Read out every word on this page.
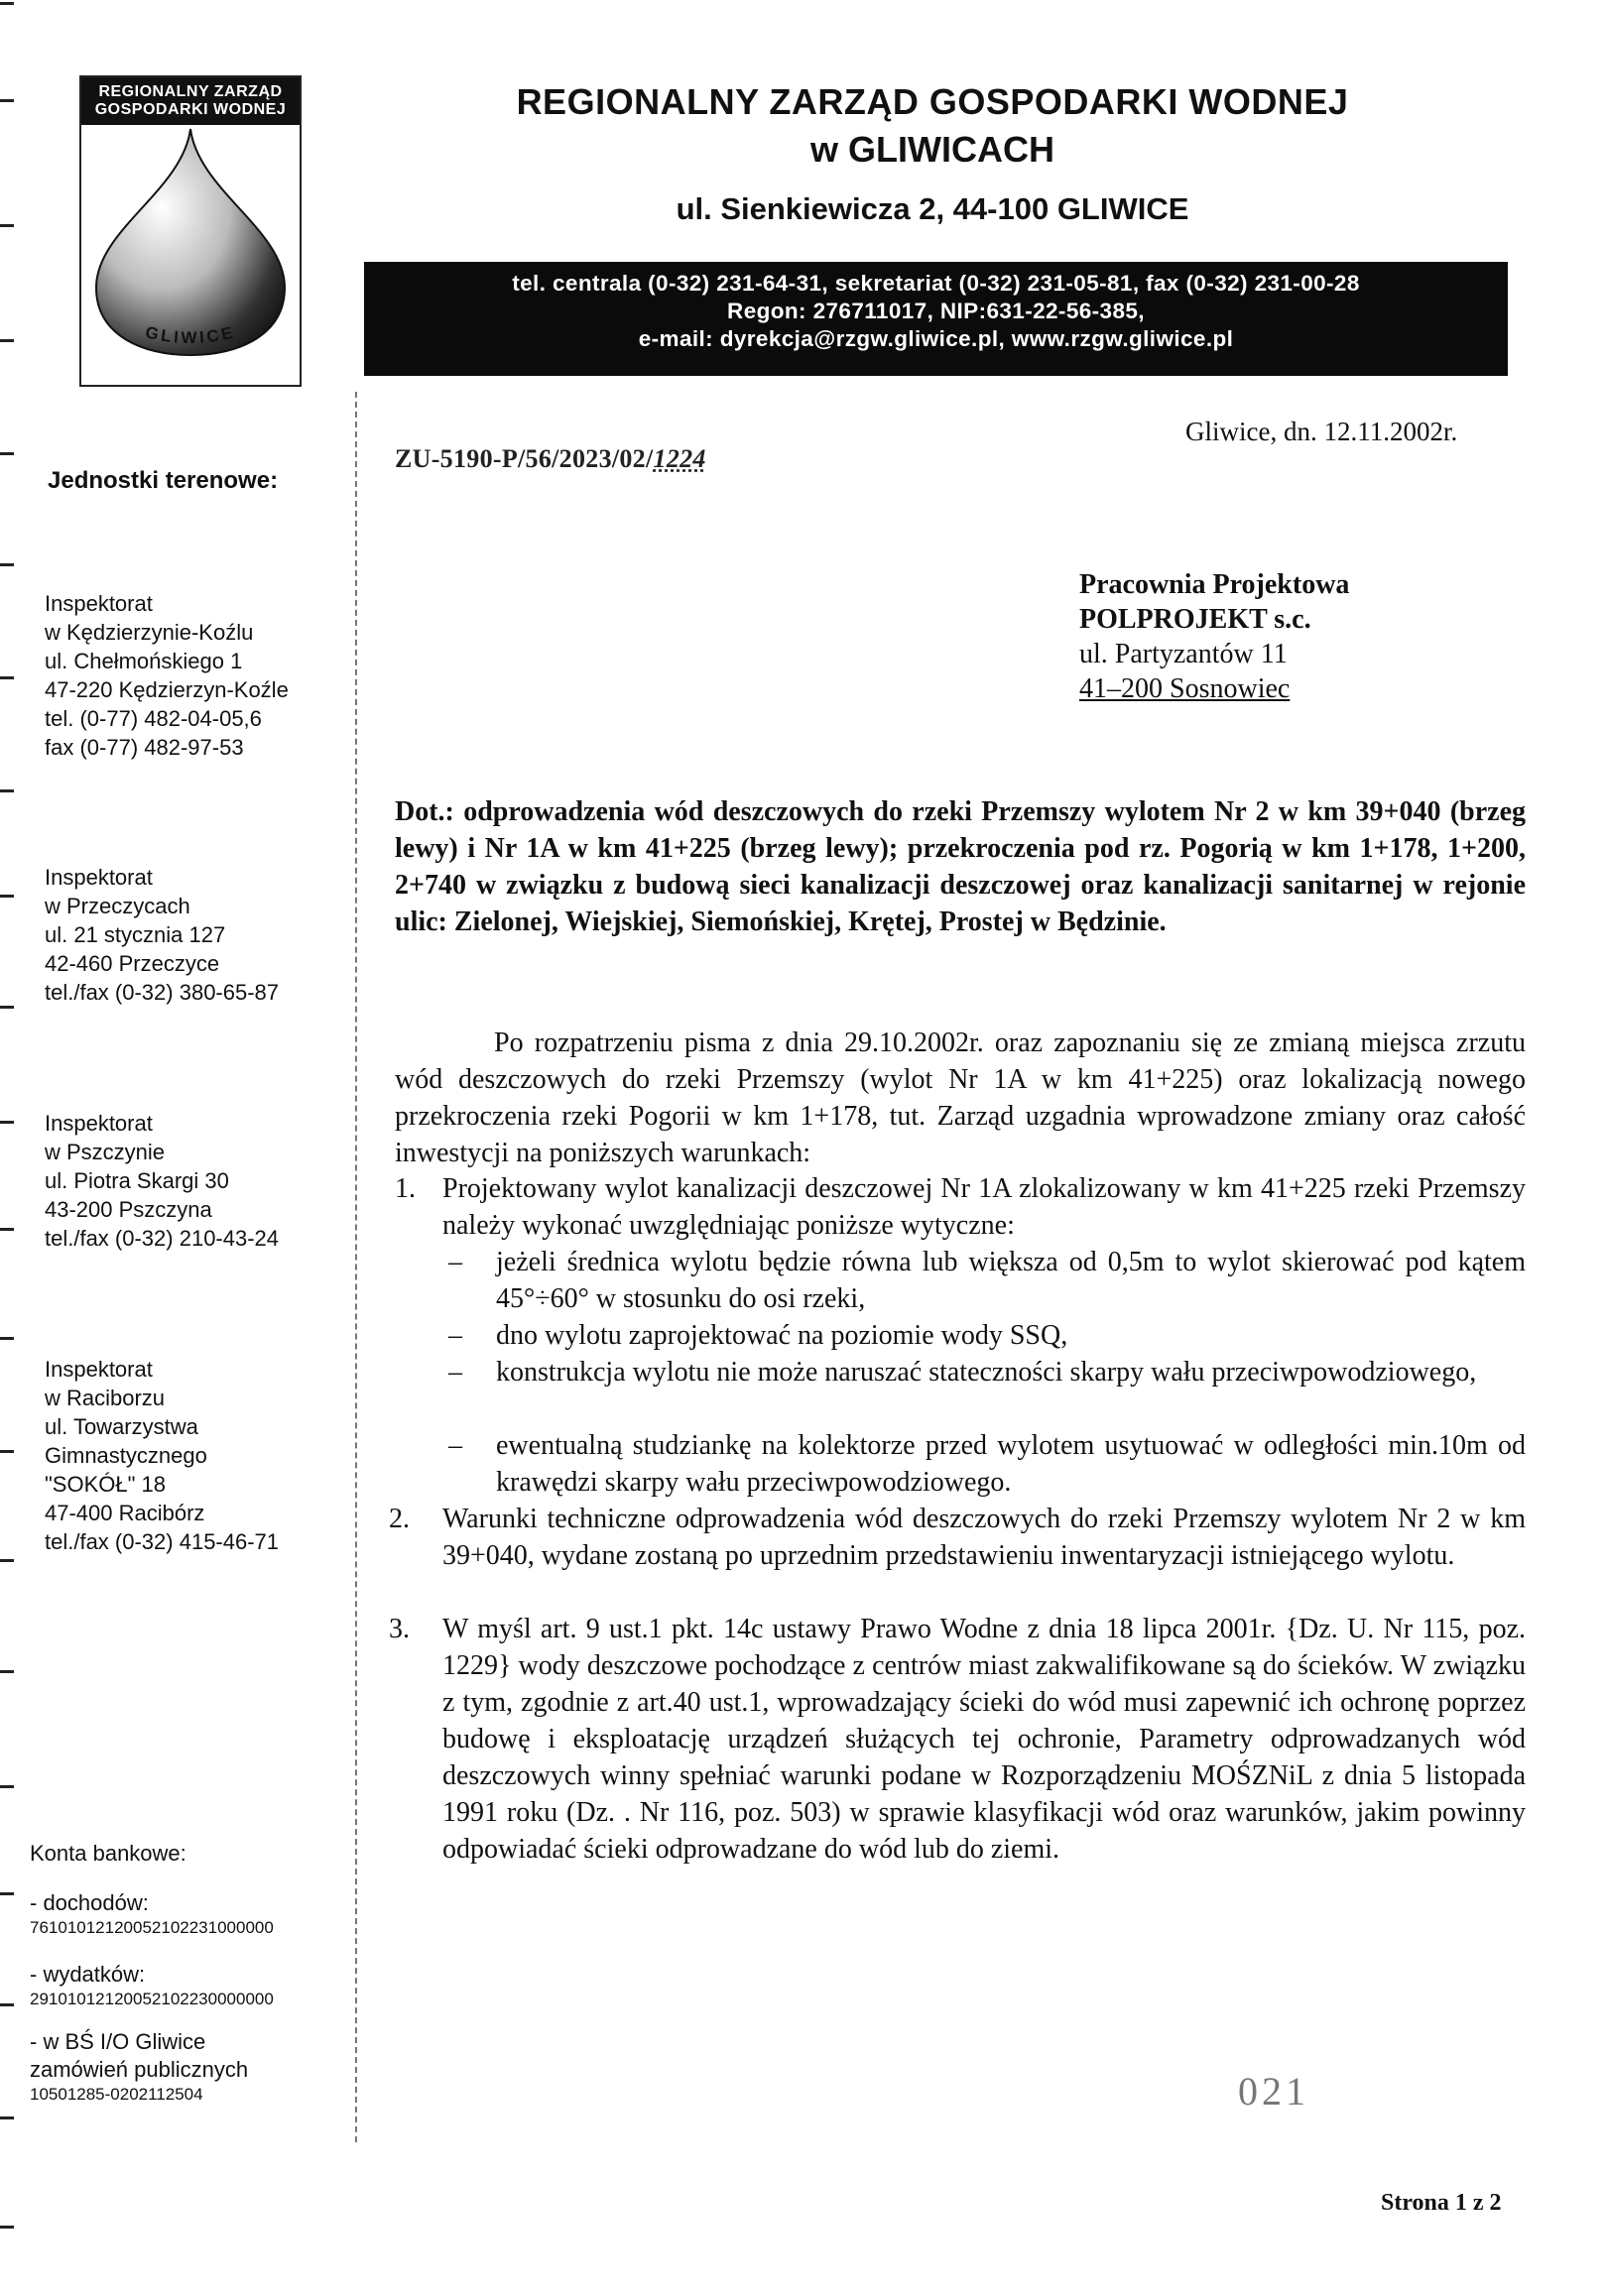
REGIONALNY ZARZĄD
GOSPODARKI WODNEJ
GLIWICE
REGIONALNY ZARZĄD GOSPODARKI WODNEJ
w GLIWICACH
ul. Sienkiewicza 2, 44-100 GLIWICE
tel. centrala (0-32) 231-64-31, sekretariat (0-32) 231-05-81, fax (0-32) 231-00-28
Regon: 276711017, NIP:631-22-56-385,
e-mail: dyrekcja@rzgw.gliwice.pl, www.rzgw.gliwice.pl
Jednostki terenowe:
Inspektorat
w Kędzierzynie-Koźlu
ul. Chełmońskiego 1
47-220 Kędzierzyn-Koźle
tel. (0-77) 482-04-05,6
fax (0-77) 482-97-53
Inspektorat
w Przeczycach
ul. 21 stycznia 127
42-460 Przeczyce
tel./fax (0-32) 380-65-87
Inspektorat
w Pszczynie
ul. Piotra Skargi 30
43-200 Pszczyna
tel./fax (0-32) 210-43-24
Inspektorat
w Raciborzu
ul. Towarzystwa
Gimnastycznego
"SOKÓŁ" 18
47-400 Racibórz
tel./fax (0-32) 415-46-71
Konta bankowe:
- dochodów:
76101012120052102231000000
- wydatków:
29101012120052102230000000
- w BŚ I/O Gliwice
zamówień publicznych
10501285-0202112504
ZU-5190-P/56/2023/02/1224
Gliwice, dn. 12.11.2002r.
Pracownia Projektowa
POLPROJEKT s.c.
ul. Partyzantów 11
41–200 Sosnowiec
Dot.: odprowadzenia wód deszczowych do rzeki Przemszy wylotem Nr 2 w km 39+040 (brzeg lewy) i Nr 1A w km 41+225 (brzeg lewy); przekroczenia pod rz. Pogorią w km 1+178, 1+200, 2+740 w związku z budową sieci kanalizacji deszczowej oraz kanalizacji sanitarnej w rejonie ulic: Zielonej, Wiejskiej, Siemońskiej, Krętej, Prostej w Będzinie.
Po rozpatrzeniu pisma z dnia 29.10.2002r. oraz zapoznaniu się ze zmianą miejsca zrzutu wód deszczowych do rzeki Przemszy (wylot Nr 1A w km 41+225) oraz lokalizacją nowego przekroczenia rzeki Pogorii w km 1+178, tut. Zarząd uzgadnia wprowadzone zmiany oraz całość inwestycji na poniższych warunkach:
1. Projektowany wylot kanalizacji deszczowej Nr 1A zlokalizowany w km 41+225 rzeki Przemszy należy wykonać uwzględniając poniższe wytyczne:
– jeżeli średnica wylotu będzie równa lub większa od 0,5m to wylot skierować pod kątem 45°÷60° w stosunku do osi rzeki,
– dno wylotu zaprojektować na poziomie wody SSQ,
– konstrukcja wylotu nie może naruszać stateczności skarpy wału przeciwpowodziowego,
– ewentualną studziankę na kolektorze przed wylotem usytuować w odległości min.10m od krawędzi skarpy wału przeciwpowodziowego.
2. Warunki techniczne odprowadzenia wód deszczowych do rzeki Przemszy wylotem Nr 2 w km 39+040, wydane zostaną po uprzednim przedstawieniu inwentaryzacji istniejącego wylotu.
3. W myśl art. 9 ust.1 pkt. 14c ustawy Prawo Wodne z dnia 18 lipca 2001r. {Dz. U. Nr 115, poz. 1229} wody deszczowe pochodzące z centrów miast zakwalifikowane są do ścieków. W związku z tym, zgodnie z art.40 ust.1, wprowadzający ścieki do wód musi zapewnić ich ochronę poprzez budowę i eksploatację urządzeń służących tej ochronie, Parametry odprowadzanych wód deszczowych winny spełniać warunki podane w Rozporządzeniu MOŚZNiL z dnia 5 listopada 1991 roku (Dz. . Nr 116, poz. 503) w sprawie klasyfikacji wód oraz warunków, jakim powinny odpowiadać ścieki odprowadzane do wód lub do ziemi.
021
Strona 1 z 2
